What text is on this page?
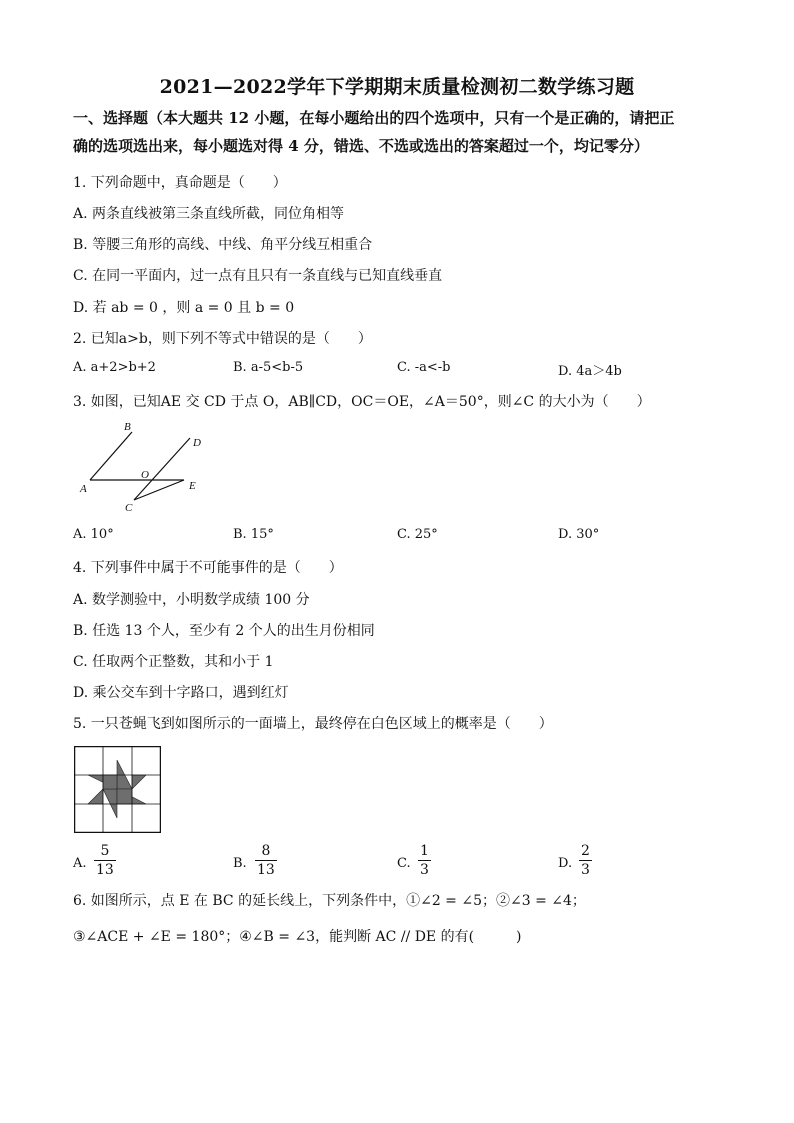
2021—2022学年下学期期末质量检测初二数学练习题
一、选择题（本大题共 12 小题，在每小题给出的四个选项中，只有一个是正确的，请把正
确的选项选出来，每小题选对得 4 分，错选、不选或选出的答案超过一个，均记零分）
1. 下列命题中，真命题是（　　）
A. 两条直线被第三条直线所截，同位角相等
B. 等腰三角形的高线、中线、角平分线互相重合
C. 在同一平面内，过一点有且只有一条直线与已知直线垂直
D. 若 ab = 0 ，则 a = 0 且 b = 0
2. 已知a>b，则下列不等式中错误的是（　　）
A. a+2>b+2	B. a-5<b-5	C. -a<-b	D. 4a＞4b
3. 如图，已知AE 交 CD 于点 O，AB∥CD，OC＝OE，∠A＝50°，则∠C 的大小为（　　）
B
D
O
A	E
C
A. 10°	B. 15°	C. 25°	D. 30°
4. 下列事件中属于不可能事件的是（　　）
A. 数学测验中，小明数学成绩 100 分
B. 任选 13 个人，至少有 2 个人的出生月份相同
C. 任取两个正整数，其和小于 1
D. 乘公交车到十字路口，遇到红灯
5. 一只苍蝇飞到如图所示的一面墙上，最终停在白色区域上的概率是（　　）
A.
5
13	B.
8
13	C.
1
3	D.
2
3
6. 如图所示，点 E 在 BC 的延长线上，下列条件中，①∠2 = ∠5；②∠3 = ∠4；
③∠ACE + ∠E = 180°；④∠B = ∠3，能判断 AC // DE 的有(　　　)
